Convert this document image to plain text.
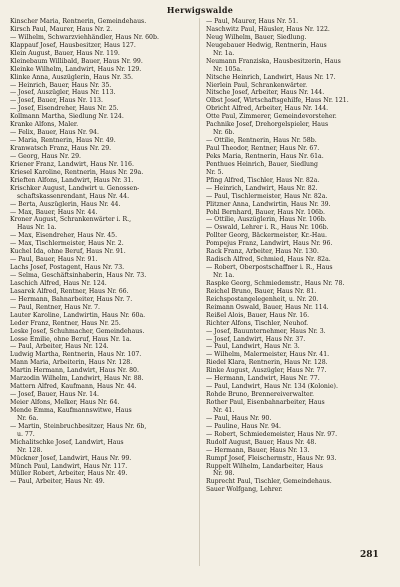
Herwigswalde
Kinscher Maria, Rentnerin, Gemeindehaus.
Kirsch Paul, Maurer, Haus Nr. 2.
— Wilhelm, Schwarzviehhändler, Haus Nr. 60b.
Klappauf Josef, Hausbesitzer, Haus 127.
Klein August, Bauer, Haus Nr. 119.
Kleinebaum Willibald, Bauer, Haus Nr. 99.
Kleinke Wilhelm, Landwirt, Haus Nr. 129.
Klinke Anna, Auszüglerin, Haus Nr. 35.
— Heinrich, Bauer, Haus Nr. 35.
— Josef, Auszügler, Haus Nr. 113.
— Josef, Bauer, Haus Nr. 113.
— Josef, Eisendreher, Haus Nr. 25.
Kollmann Martha, Siedlung Nr. 124.
Kranke Alfons, Maler.
— Felix, Bauer, Haus Nr. 94.
— Maria, Rentnerin, Haus Nr. 49.
Kranwatsch Franz, Haus Nr. 29.
— Georg, Haus Nr. 29.
Kriener Franz, Landwirt, Haus Nr. 116.
Kriesel Karoline, Rentnerin, Haus Nr. 29a.
Krieften Alfons, Landwirt, Haus Nr. 31.
Krischker August, Landwirt u. Genossen-
schaftskassenrendant, Haus Nr. 44.
— Berta, Auszüglerin, Haus Nr. 44.
— Max, Bauer, Haus Nr. 44.
Kroner August, Schrankenwärter i. R.,
Haus Nr. 1a.
— Max, Eisendreher, Haus Nr. 45.
— Max, Tischlermeister, Haus Nr. 2.
Kuchel Ida, ohne Beruf, Haus Nr. 91.
— Paul, Bauer, Haus Nr. 91.
Lachs Josef, Postagent, Haus Nr. 73.
— Selma, Geschäftsinhaberin, Haus Nr. 73.
Laschich Alfred, Haus Nr. 124.
Lasarek Alfred, Rentner, Haus Nr. 66.
— Hermann, Bahnarbeiter, Haus Nr. 7.
— Paul, Rentner, Haus Nr. 7.
Lauter Karoline, Landwirtin, Haus Nr. 60a.
Leder Franz, Rentner, Haus Nr. 25.
Leske Josef, Schuhmacher, Gemeindehaus.
Losse Emilie, ohne Beruf, Haus Nr. 1a.
— Paul, Arbeiter, Haus Nr. 124.
Ludwig Martha, Rentnerin, Haus Nr. 107.
Mann Maria, Arbeiterin, Haus Nr. 128.
Martin Hermann, Landwirt, Haus Nr. 80.
Marzodin Wilhelm, Landwirt, Haus Nr. 88.
Mattern Alfred, Kaufmann, Haus Nr. 44.
— Josef, Bauer, Haus Nr. 14.
Meier Alfons, Melker, Haus Nr. 64.
Mende Emma, Kaufmannswitwe, Haus
Nr. 6a.
— Martin, Steinbruchbesitzer, Haus Nr. 6b,
u. 77.
Michalitschke Josef, Landwirt, Haus
Nr. 128.
Mückner Josef, Landwirt, Haus Nr. 99.
Münch Paul, Landwirt, Haus Nr. 117.
Müller Robert, Arbeiter, Haus Nr. 49.
— Paul, Arbeiter, Haus Nr. 49.
— Paul, Maurer, Haus Nr. 51.
Naschwitz Paul, Häusler, Haus Nr. 122.
Neug Wilhelm, Bauer, Siedlung.
Neugebauer Hedwig, Rentnerin, Haus
Nr. 1a.
Neumann Franziska, Hausbesitzerin, Haus
Nr. 105a.
Nitsche Heinrich, Landwirt, Haus Nr. 17.
Nierlein Paul, Schrankenwärter.
Nitsche Josef, Arbeiter, Haus Nr. 144.
Olbst Josef, Wirtschaftsgehilfe, Haus Nr. 121.
Obricht Alfred, Arbeiter, Haus Nr. 144.
Otte Paul, Zimmerer, Gemeindevorsteher.
Pachnike Josef, Drehorgelspieler, Haus
Nr. 6b.
— Ottilie, Rentnerin, Haus Nr. 58b.
Paul Theodor, Rentner, Haus Nr. 67.
Peks Maria, Rentnerin, Haus Nr. 61a.
Penthues Heinrich, Bauer, Siedlung
Nr. 5.
Pfing Alfred, Tischler, Haus Nr. 82a.
— Heinrich, Landwirt, Haus Nr. 82.
— Paul, Tischlermeister, Haus Nr. 82a.
Plitzner Anna, Landwirtin, Haus Nr. 39.
Pohl Bernhard, Bauer, Haus Nr. 106b.
— Ottilie, Auszüglerin, Haus Nr. 106b.
— Oswald, Lehrer i. R., Haus Nr. 106b.
Pollter Georg, Bäckermeister, Kr.-Hau.
Pompejus Franz, Landwirt, Haus Nr. 96.
Rack Franz, Arbeiter, Haus Nr. 130.
Radisch Alfred, Schmied, Haus Nr. 82a.
— Robert, Oberpostschaffner i. R., Haus
Nr. 1a.
Raspke Georg, Schmiedemstr., Haus Nr. 78.
Reichel Bruno, Bauer, Haus Nr. 81.
Reichspostangelegenheit, u. Nr. 20.
Reimann Oswald, Bauer, Haus Nr. 114.
Reißel Alois, Bauer, Haus Nr. 16.
Richter Alfons, Tischler, Neuhof.
— Josef, Bauunternehmer, Haus Nr. 3.
— Josef, Landwirt, Haus Nr. 37.
— Paul, Landwirt, Haus Nr. 3.
— Wilhelm, Malermeister, Haus Nr. 41.
Riedel Klara, Rentnerin, Haus Nr. 128.
Rinke August, Auszügler, Haus Nr. 77.
— Hermann, Landwirt, Haus Nr. 77.
— Paul, Landwirt, Haus Nr. 134 (Kolonie).
Rohde Bruno, Brennereiverwalter.
Rother Paul, Eisenbahnarbeiter, Haus
Nr. 41.
— Paul, Haus Nr. 90.
— Pauline, Haus Nr. 94.
— Robert, Schmiedemeister, Haus Nr. 97.
Rudolf August, Bauer, Haus Nr. 48.
— Hermann, Bauer, Haus Nr. 13.
Rumpf Josef, Fleischermstr., Haus Nr. 93.
Ruppelt Wilhelm, Landarbeiter, Haus
Nr. 98.
Ruprecht Paul, Tischler, Gemeindehaus.
Sauer Wolfgang, Lehrer.
281
